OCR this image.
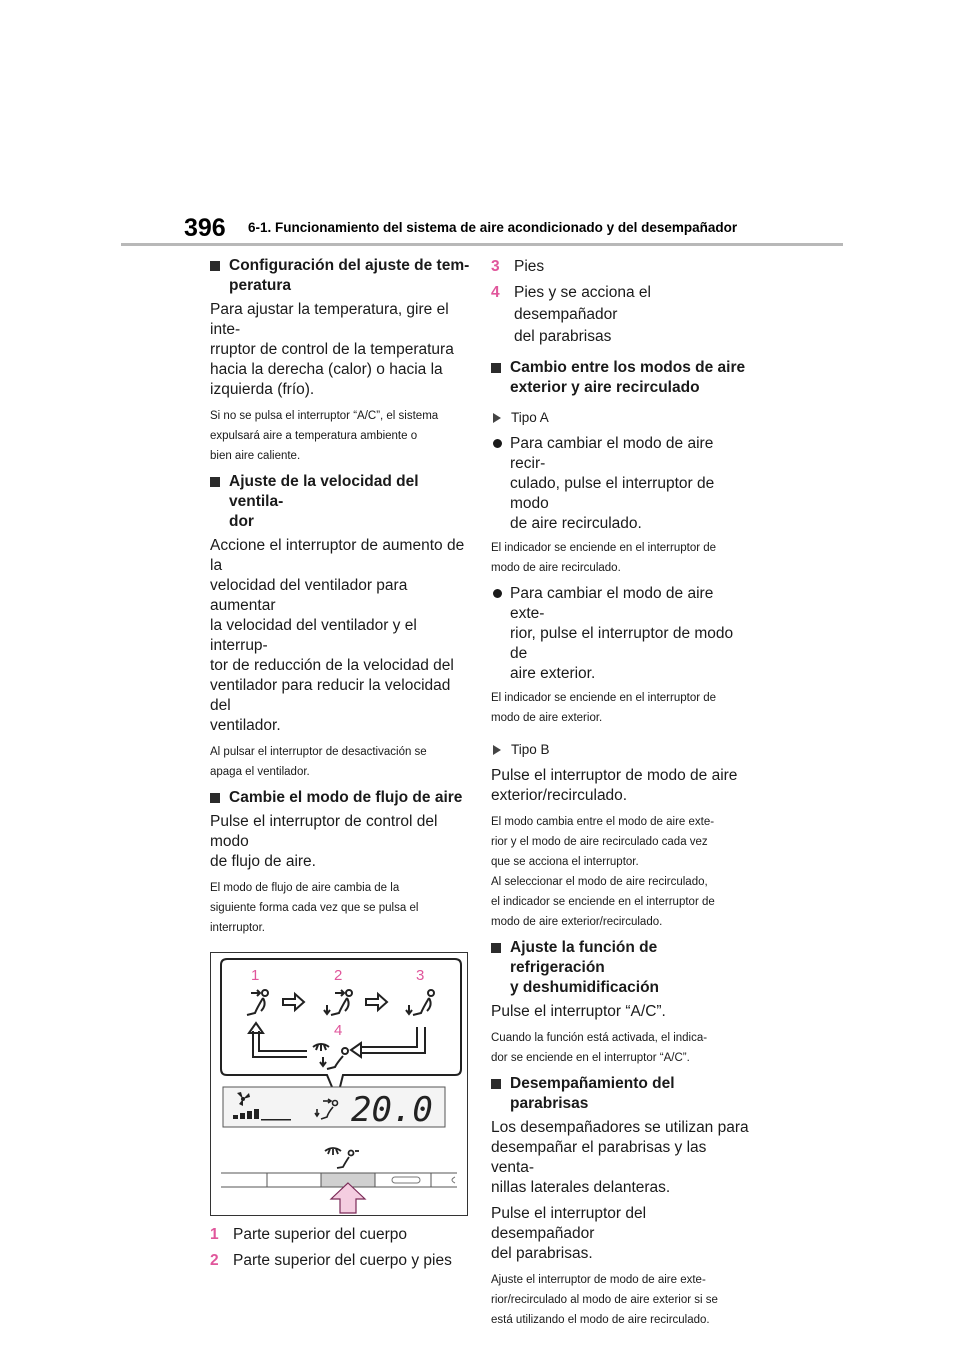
396 6-1. Funcionamiento del sistema de aire acondicionado y del desempañador
Configuración del ajuste de tem-
peratura
Para ajustar la temperatura, gire el inte-
rruptor de control de la temperatura
hacia la derecha (calor) o hacia la
izquierda (frío).
Si no se pulsa el interruptor “A/C”, el sistema
expulsará aire a temperatura ambiente o
bien aire caliente.
Ajuste de la velocidad del ventila-
dor
Accione el interruptor de aumento de la
velocidad del ventilador para aumentar
la velocidad del ventilador y el interrup-
tor de reducción de la velocidad del
ventilador para reducir la velocidad del
ventilador.
Al pulsar el interruptor de desactivación se
apaga el ventilador.
Cambie el modo de flujo de aire
Pulse el interruptor de control del modo
de flujo de aire.
El modo de flujo de aire cambia de la
siguiente forma cada vez que se pulsa el
interruptor.
1	2	3
4
20.0
1 Parte superior del cuerpo
2 Parte superior del cuerpo y pies
3 Pies
4 Pies y se acciona el desempañador
del parabrisas
Cambio entre los modos de aire
exterior y aire recirculado
Tipo A
Para cambiar el modo de aire recir-
culado, pulse el interruptor de modo
de aire recirculado.
El indicador se enciende en el interruptor de
modo de aire recirculado.
Para cambiar el modo de aire exte-
rior, pulse el interruptor de modo de
aire exterior.
El indicador se enciende en el interruptor de
modo de aire exterior.
Tipo B
Pulse el interruptor de modo de aire
exterior/recirculado.
El modo cambia entre el modo de aire exte-
rior y el modo de aire recirculado cada vez
que se acciona el interruptor.
Al seleccionar el modo de aire recirculado,
el indicador se enciende en el interruptor de
modo de aire exterior/recirculado.
Ajuste la función de refrigeración
y deshumidificación
Pulse el interruptor “A/C”.
Cuando la función está activada, el indica-
dor se enciende en el interruptor “A/C”.
Desempañamiento del parabrisas
Los desempañadores se utilizan para
desempañar el parabrisas y las venta-
nillas laterales delanteras.
Pulse el interruptor del desempañador
del parabrisas.
Ajuste el interruptor de modo de aire exte-
rior/recirculado al modo de aire exterior si se
está utilizando el modo de aire recirculado.
